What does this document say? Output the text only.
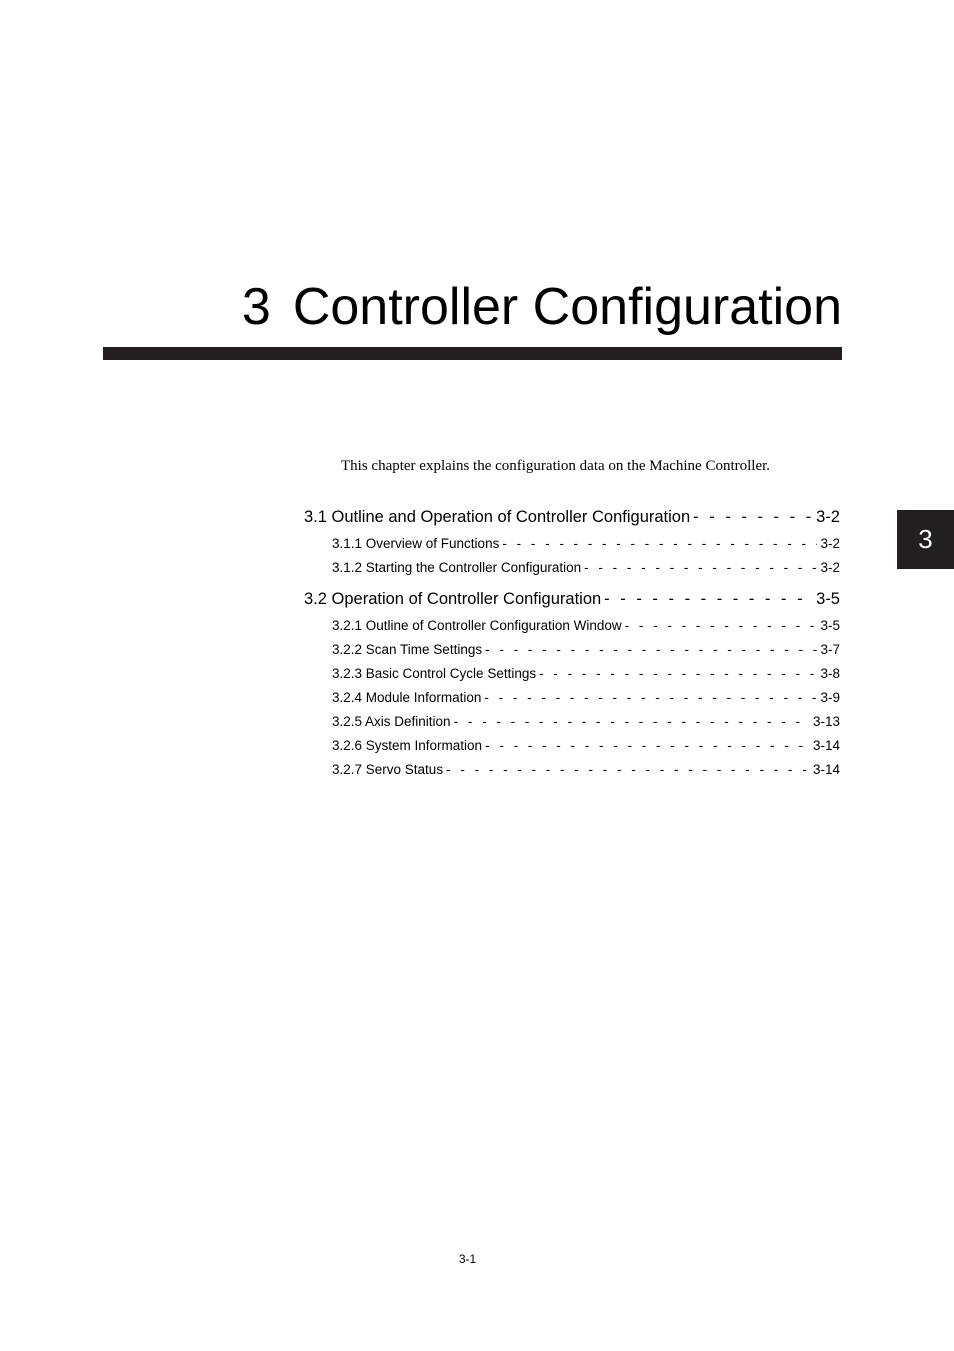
3 Controller Configuration
This chapter explains the configuration data on the Machine Controller.
3.1 Outline and Operation of Controller Configuration - - -	3-2
3.1.1 Overview of Functions - - -	3-2
3.1.2 Starting the Controller Configuration - - -	3-2
3.2 Operation of Controller Configuration - - -	3-5
3.2.1 Outline of Controller Configuration Window - - -	3-5
3.2.2 Scan Time Settings - - -	3-7
3.2.3 Basic Control Cycle Settings - - -	3-8
3.2.4 Module Information - - -	3-9
3.2.5 Axis Definition - - -	3-13
3.2.6 System Information - - -	3-14
3.2.7 Servo Status - - -	3-14
3
3-1
